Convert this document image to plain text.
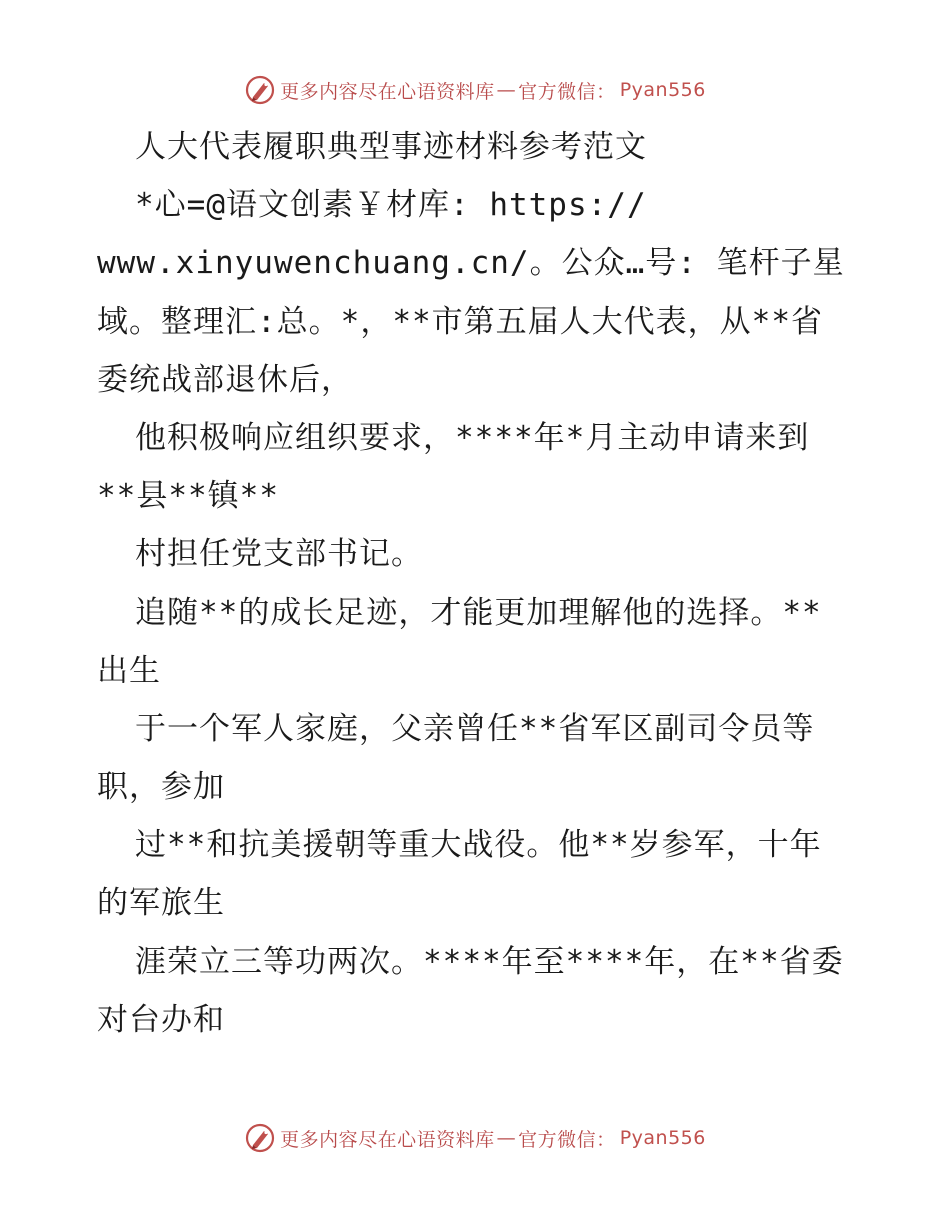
更多内容尽在心语资料库 — 官方微信： Pyan556
人大代表履职典型事迹材料参考范文
*心=@语文创素￥材库: https://
www.xinyuwenchuang.cn/。公众…号: 笔杆子星
域。整理汇:总。*，**市第五届人大代表，从**省
委统战部退休后，
他积极响应组织要求，****年*月主动申请来到
**县**镇**
村担任党支部书记。
追随**的成长足迹，才能更加理解他的选择。**
出生
于一个军人家庭，父亲曾任**省军区副司令员等
职，参加
过**和抗美援朝等重大战役。他**岁参军，十年
的军旅生
涯荣立三等功两次。****年至****年，在**省委
对台办和
更多内容尽在心语资料库 — 官方微信： Pyan556
